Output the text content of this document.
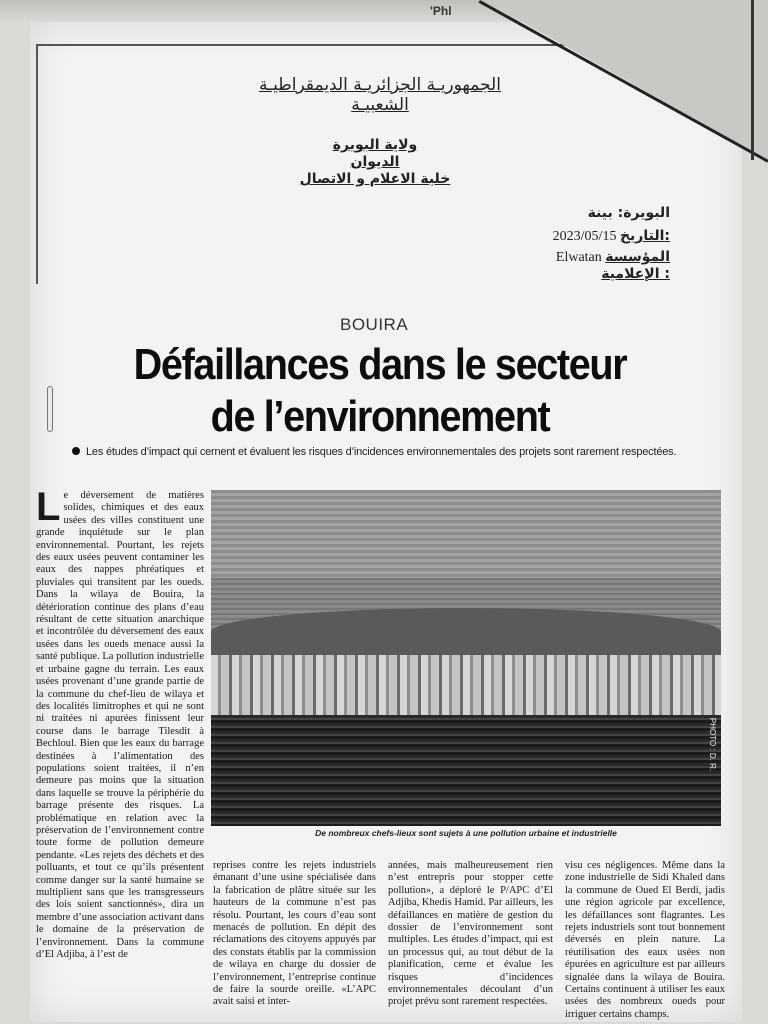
'Phl
الجمهوريـة الجزائريـة الديمقراطيـة الشعبيـة
ولاية البويرة
الديوان
خلية الاعلام و الاتصال
البويرة: بينة
2023/05/15 التاريخ:
Elwatan المؤسسة الإعلامية :
BOUIRA
Défaillances dans le secteur
de l’environnement
Les études d’impact qui cernent et évaluent les risques d’incidences environnementales des projets sont rarement respectées.
L e déversement de matières solides, chimiques et des eaux usées des villes constituent une grande inquiétude sur le plan environnemental. Pourtant, les rejets des eaux usées peuvent contaminer les eaux des nappes phréatiques et pluviales qui transitent par les oueds. Dans la wilaya de Bouira, la détérioration continue des plans d’eau résultant de cette situation anarchique et incontrôlée du déversement des eaux usées dans les oueds menace aussi la santé publique. La pollution industrielle et urbaine gagne du terrain. Les eaux usées provenant d’une grande partie de la commune du chef-lieu de wilaya et des localités limitrophes et qui ne sont ni traitées ni apurées finissent leur course dans le barrage Tilesdit à Bechloul. Bien que les eaux du barrage destinées à l’alimentation des populations soient traitées, il n’en demeure pas moins que la situation dans laquelle se trouve la périphérie du barrage présente des risques. La problématique en relation avec la préservation de l’environnement contre toute forme de pollution demeure pendante. «Les rejets des déchets et des polluants, et tout ce qu’ils présentent comme danger sur la santé humaine se multiplient sans que les transgresseurs des lois soient sanctionnés», dira un membre d’une association activant dans le domaine de la préservation de l’environnement. Dans la commune d’El Adjiba, à l’est de

PHOTO : D. R.
De nombreux chefs-lieux sont sujets à une pollution urbaine et industrielle

reprises contre les rejets industriels émanant d’une usine spécialisée dans la fabrication de plâtre située sur les hauteurs de la commune n’est pas résolu. Pourtant, les cours d’eau sont menacés de pollution. En dépit des réclamations des citoyens appuyés par des constats établis par la commission de wilaya en charge du dossier de l’environnement, l’entreprise continue de faire la sourde oreille. «L’APC avait saisi et inter-

années, mais malheureusement rien n’est entrepris pour stopper cette pollution», a déploré le P/APC d’El Adjiba, Khedis Hamid. Par ailleurs, les défaillances en matière de gestion du dossier de l’environnement sont multiples. Les études d’impact, qui est un processus qui, au tout début de la planification, cerne et évalue les risques d’incidences environnementales découlant d’un projet prévu sont rarement respectées.

visu ces négligences. Même dans la zone industrielle de Sidi Khaled dans la commune de Oued El Berdi, jadis une région agricole par excellence, les défaillances sont flagrantes. Les rejets industriels sont tout bonnement déversés en plein nature. La réutilisation des eaux usées non épurées en agriculture est par ailleurs signalée dans la wilaya de Bouira. Certains continuent à utiliser les eaux usées des nombreux oueds pour irriguer certains champs.
